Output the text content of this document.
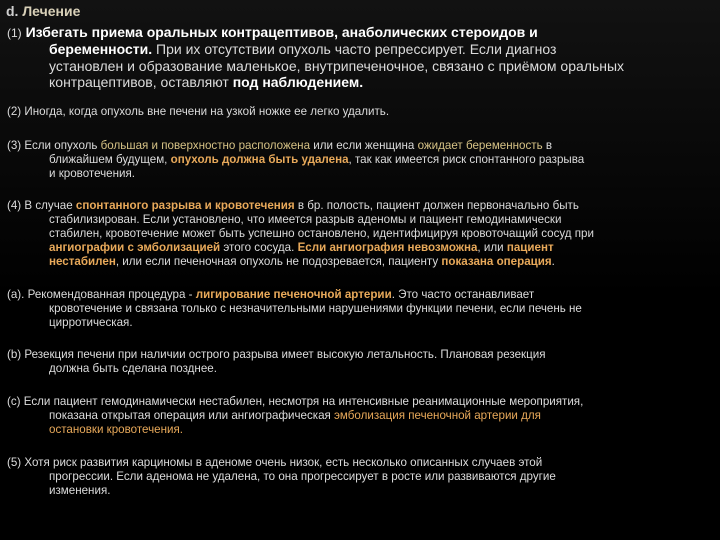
d. Лечение
(1) Избегать приема оральных контрацептивов, анаболических стероидов и
беременности. При их отсутствии опухоль часто репрессирует. Если диагноз
установлен и образование маленькое, внутрипеченочное, связано с приёмом оральных
контрацептивов, оставляют под наблюдением.
(2) Иногда, когда опухоль вне печени на узкой ножке ее легко удалить.
(3) Если опухоль большая и поверхностно расположена или если женщина ожидает беременность в
ближайшем будущем, опухоль должна быть удалена, так как имеется риск спонтанного разрыва
и кровотечения.
(4) В случае спонтанного разрыва и кровотечения в бр. полость, пациент должен первоначально быть
стабилизирован. Если установлено, что имеется разрыв аденомы и пациент гемодинамически
стабилен, кровотечение может быть успешно остановлено, идентифицируя кровоточащий сосуд при
ангиографии с эмболизацией этого сосуда. Если ангиография невозможна, или пациент
нестабилен, или если печеночная опухоль не подозревается, пациенту показана операция.
(a). Рекомендованная процедура - лигирование печеночной артерии. Это часто останавливает
кровотечение и связана только с незначительными нарушениями функции печени, если печень не
цирротическая.
(b) Резекция печени при наличии острого разрыва имеет высокую летальность. Плановая резекция
должна быть сделана позднее.
(c) Если пациент гемодинамически нестабилен, несмотря на интенсивные реанимационные мероприятия,
показана открытая операция или ангиографическая эмболизация печеночной артерии для
остановки кровотечения.
(5) Хотя риск развития карциномы в аденоме очень низок, есть несколько описанных случаев этой
прогрессии. Если аденома не удалена, то она прогрессирует в росте или развиваются другие
изменения.
